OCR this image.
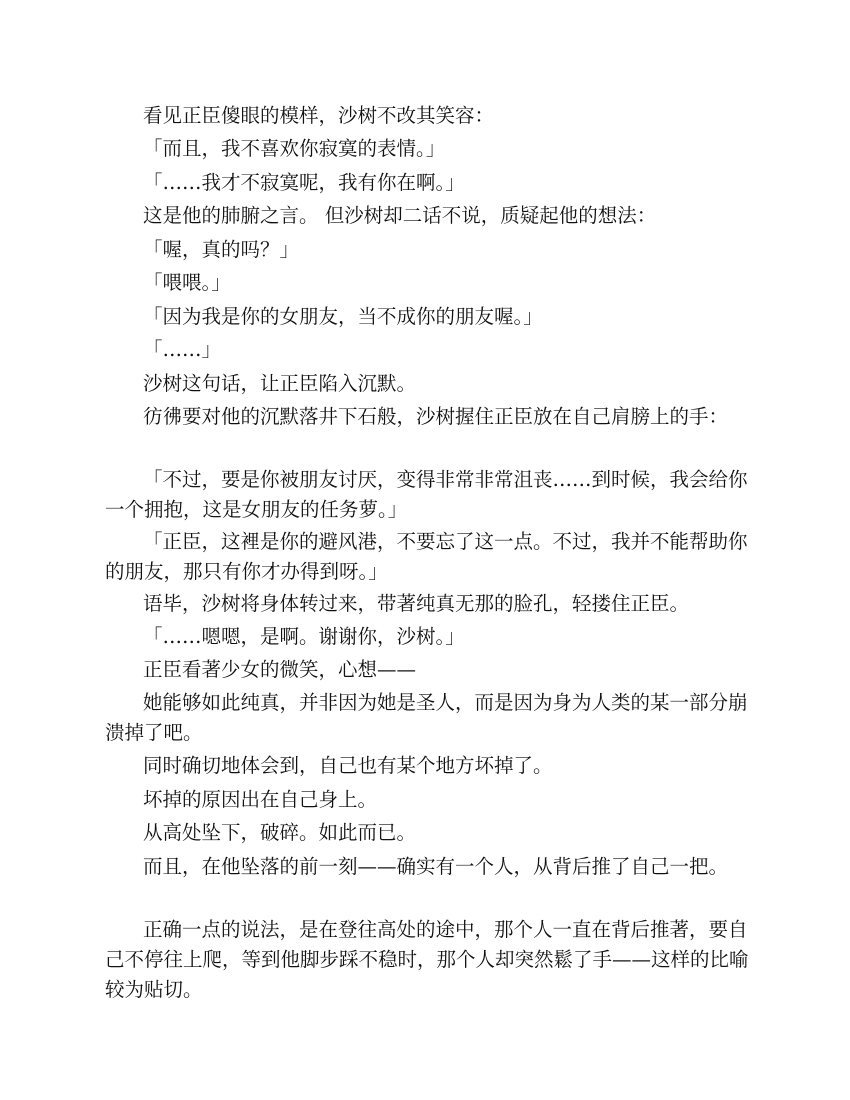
看见正臣傻眼的模样，沙树不改其笑容：

「而且，我不喜欢你寂寞的表情。」

「……我才不寂寞呢，我有你在啊。」

这是他的肺腑之言。 但沙树却二话不说，质疑起他的想法：

「喔，真的吗？」

「喂喂。」

「因为我是你的女朋友，当不成你的朋友喔。」

「……」

沙树这句话，让正臣陷入沉默。

彷彿要对他的沉默落井下石般，沙树握住正臣放在自己肩膀上的手：

「不过，要是你被朋友讨厌，变得非常非常沮丧……到时候，我会给你一个拥抱，这是女朋友的任务萝。」

「正臣，这裡是你的避风港，不要忘了这一点。不过，我并不能帮助你的朋友，那只有你才办得到呀。」

语毕，沙树将身体转过来，带著纯真无那的脸孔，轻搂住正臣。

「……嗯嗯，是啊。谢谢你，沙树。」

正臣看著少女的微笑，心想——

她能够如此纯真，并非因为她是圣人，而是因为身为人类的某一部分崩溃掉了吧。

同时确切地体会到，自己也有某个地方坏掉了。

坏掉的原因出在自己身上。

从高处坠下，破碎。如此而已。

而且，在他坠落的前一刻——确实有一个人，从背后推了自己一把。

正确一点的说法，是在登往高处的途中，那个人一直在背后推著，要自己不停往上爬，等到他脚步踩不稳时，那个人却突然鬆了手——这样的比喻较为贴切。
